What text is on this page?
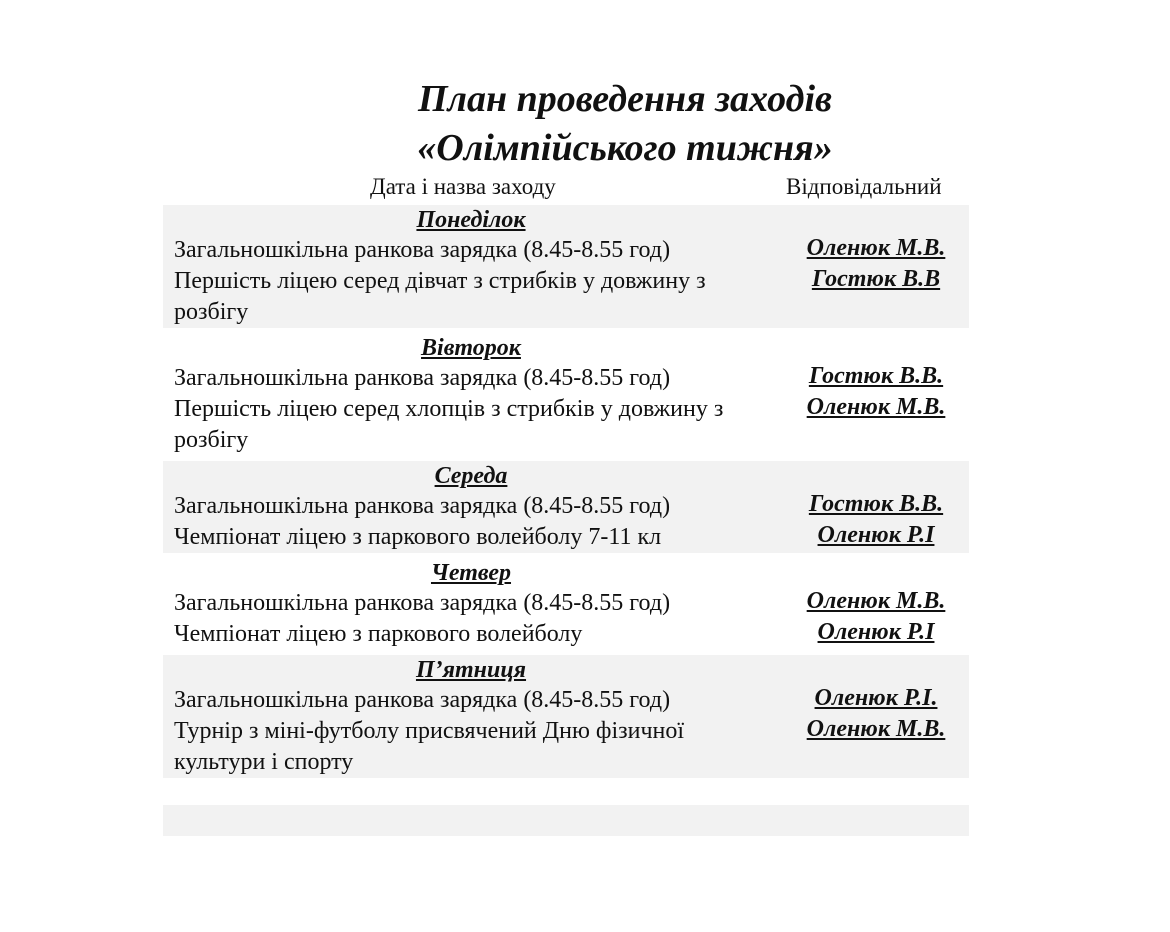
План проведення заходів
«Олімпійського тижня»
Дата і назва заходу	Відповідальний
Понеділок
Загальношкільна ранкова зарядка (8.45-8.55 год)
Першість ліцею серед дівчат з стрибків у довжину з розбігу
Оленюк М.В.
Гостюк В.В
Вівторок
Загальношкільна ранкова зарядка (8.45-8.55 год)
Першість ліцею серед хлопців з стрибків у довжину з розбігу
Гостюк В.В.
Оленюк М.В.
Середа
Загальношкільна ранкова зарядка (8.45-8.55 год)
Чемпіонат ліцею з паркового волейболу 7-11 кл
Гостюк В.В.
Оленюк Р.І
Четвер
Загальношкільна ранкова зарядка (8.45-8.55 год)
Чемпіонат ліцею з паркового волейболу
Оленюк М.В.
Оленюк Р.І
П’ятниця
Загальношкільна ранкова зарядка (8.45-8.55 год)
Турнір з міні-футболу присвячений Дню фізичної культури і спорту
Оленюк Р.І.
Оленюк М.В.
